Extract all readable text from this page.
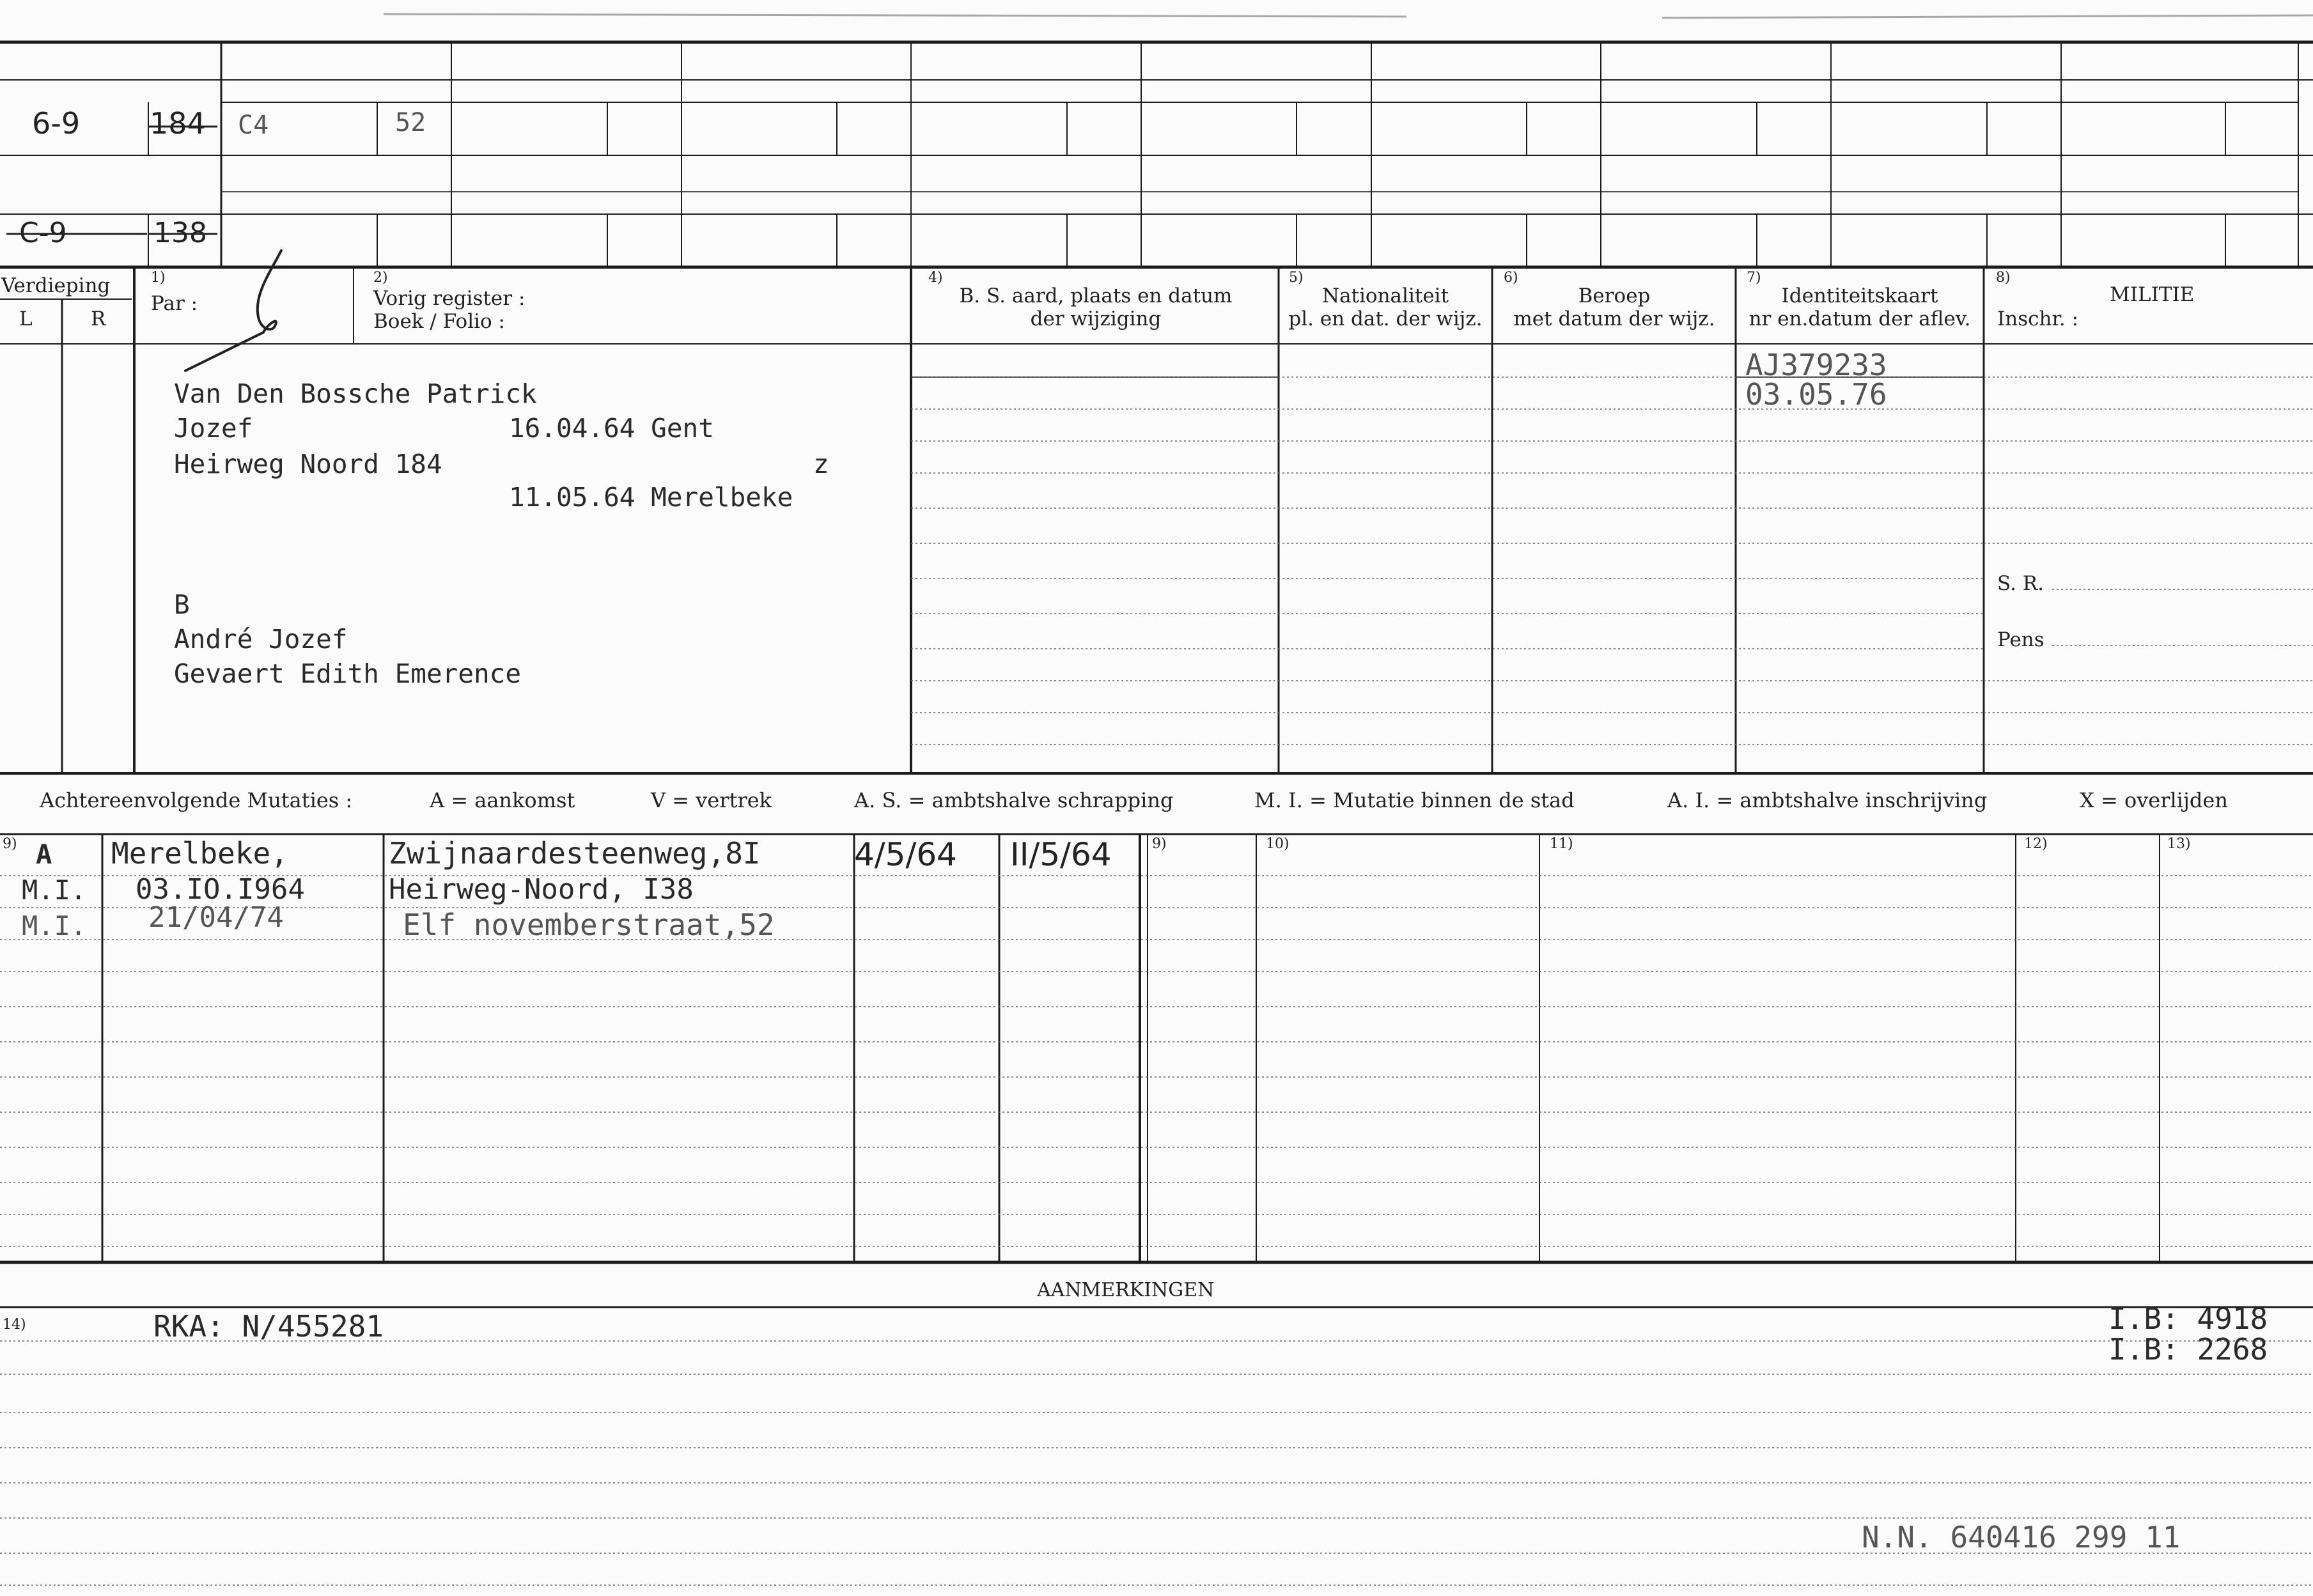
6-9 184 C4	52
C-9	138
Verdieping
L	R
1)
Par :
2)
Vorig register :
Boek / Folio :
4)
B. S. aard, plaats en datum
der wijziging
5)
Nationaliteit
pl. en dat. der wijz.
6)
Beroep
met datum der wijz.
7)
Identiteitskaart
nr en.datum der aflev.
8)
MILITIE
Inschr. :
S. R.
Pens
Van Den Bossche Patrick
Jozef	16.04.64 Gent
Heirweg Noord 184	z
11.05.64 Merelbeke
B
André Jozef
Gevaert Edith Emerence
AJ379233
03.05.76
Achtereenvolgende Mutaties :	A = aankomst	V = vertrek	A. S. = ambtshalve schrapping	M. I. = Mutatie binnen de stad	A. I. = ambtshalve inschrijving	X = overlijden
9)	9)	10)	11)	12)	13)
A Merelbeke,	Zwijnaardesteenweg,8I	4/5/64 II/5/64
M.I. 03.IO.I964	Heirweg-Noord, I38
M.I. 21/04/74	Elf novemberstraat,52
AANMERKINGEN
14)	RKA: N/455281	I.B: 4918
I.B: 2268
N.N. 640416 299 11
